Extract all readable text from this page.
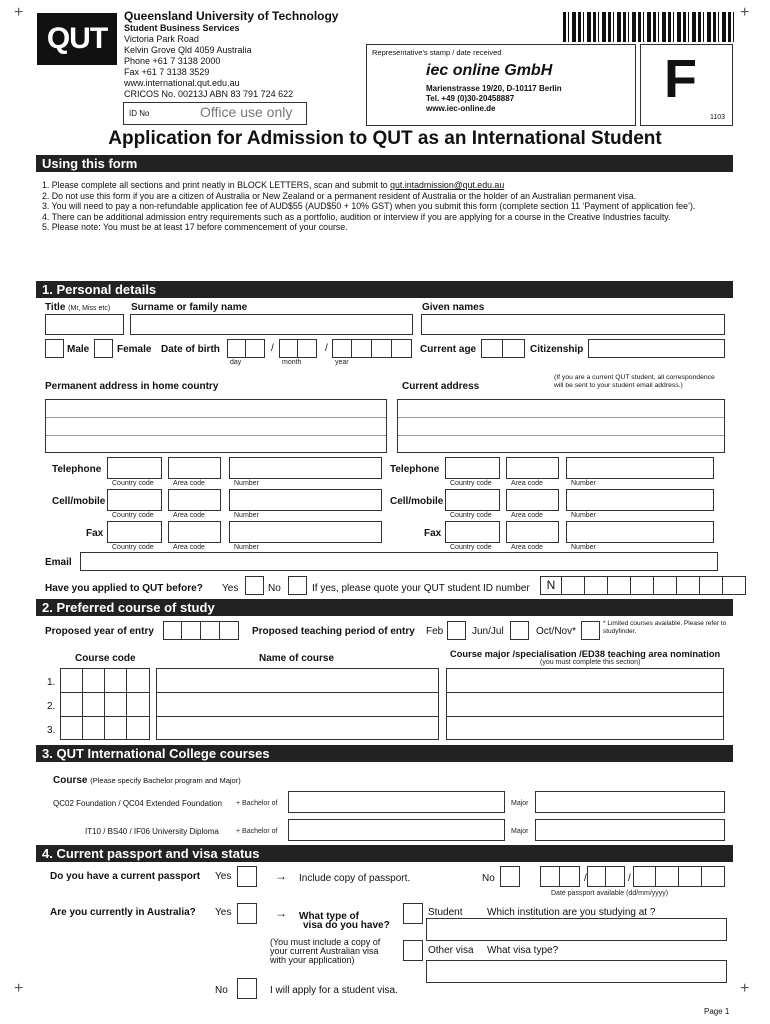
+	+
+	+
QUT
Queensland University of Technology
Student Business Services
Victoria Park Road
Kelvin Grove Qld 4059 Australia
Phone +61 7 3138 2000
Fax +61 7 3138 3529
www.international.qut.edu.au
CRICOS No. 00213J ABN 83 791 724 622
ID No	Office use only
Representative's stamp / date received
iec online GmbH
Marienstrasse 19/20, D-10117 Berlin
Tel. +49 (0)30-20458887
www.iec-online.de	F
1103
Application for Admission to QUT as an International Student
Using this form
1. Please complete all sections and print neatly in BLOCK LETTERS, scan and submit to qut.intadmission@qut.edu.au
2. Do not use this form if you are a citizen of Australia or New Zealand or a permanent resident of Australia or the holder of an Australian permanent visa.
3. You will need to pay a non-refundable application fee of AUD$55 (AUD$50 + 10% GST) when you submit this form (complete section 11 ‘Payment of application fee’).
4. There can be additional admission entry requirements such as a portfolio, audition or interview if you are applying for a course in the Creative Industries faculty.
5. Please note: You must be at least 17 before commencement of your course.
1. Personal details
Title (Mr, Miss etc) Surname or family name	Given names
Male	Female Date of birth	/	/
day	month	year
Current age	Citizenship
Permanent address in home country	Current address
(If you are a current QUT student, all correspondence will be sent to your student email address.)
Telephone
Country code	Area code	Number
Cell/mobile
Country code	Area code	Number
Fax
Country code	Area code	Number
Telephone
Country code	Area code	Number
Cell/mobile
Country code	Area code	Number
Fax
Country code	Area code	Number
Email
Have you applied to QUT before? Yes	No	If yes, please quote your QUT student ID number	N
2. Preferred course of study
Proposed year of entry	Proposed teaching period of entry Feb	Jun/Jul	Oct/Nov*
* Limited courses available. Please refer to studyfinder.
Course code	Name of course	Course major /specialisation /ED38 teaching area nomination
(you must complete this section)
1.
2.
3.
3. QUT International College courses
Course (Please specify Bachelor program and Major)
QC02 Foundation / QC04 Extended Foundation + Bachelor of	Major
IT10 / BS40 / IF06 University Diploma + Bachelor of	Major
4. Current passport and visa status
Do you have a current passport Yes	→ Include copy of passport.	No	/	/
Date passport available (dd/mm/yyyy)
Are you currently in Australia? Yes	→ What type of
visa do you have?
Student Which institution are you studying at ?
(You must include a copy of
your current Australian visa
with your application)
Other visa What visa type?
No	I will apply for a student visa.
Page 1
